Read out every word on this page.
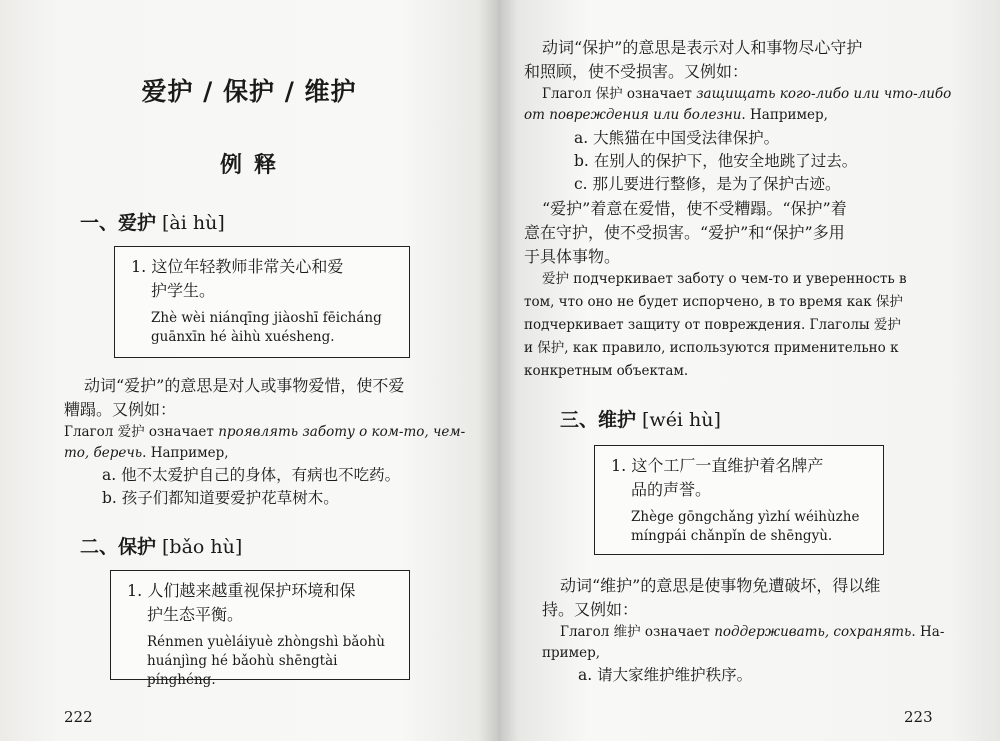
爱护 / 保护 / 维护
例释
一、爱护 [ài hù]
1. 这位年轻教师非常关心和爱
护学生。
Zhè wèi niánqīng jiàoshī fēicháng
guānxīn hé àihù xuésheng.
动词“爱护”的意思是对人或事物爱惜，使不爱
糟蹋。又例如：
Глагол 爱护 означает проявлять заботу о ком-то, чем-
то, беречь. Например,
a. 他不太爱护自己的身体，有病也不吃药。
b. 孩子们都知道要爱护花草树木。
二、保护 [bǎo hù]
1. 人们越来越重视保护环境和保
护生态平衡。
Rénmen yuèláiyuè zhòngshì bǎohù
huánjìng hé bǎohù shēngtài pínghéng.
222
动词“保护”的意思是表示对人和事物尽心守护
和照顾，使不受损害。又例如：
Глагол 保护 означает защищать кого-либо или что-либо
от повреждения или болезни. Например,
a. 大熊猫在中国受法律保护。
b. 在别人的保护下，他安全地跳了过去。
c. 那儿要进行整修，是为了保护古迹。
“爱护”着意在爱惜，使不受糟蹋。“保护”着
意在守护，使不受损害。“爱护”和“保护”多用
于具体事物。
爱护 подчеркивает заботу о чем-то и уверенность в
том, что оно не будет испорчено, в то время как 保护
подчеркивает защиту от повреждения. Глаголы 爱护
и 保护, как правило, используются применительно к
конкретным объектам.
三、维护 [wéi hù]
1. 这个工厂一直维护着名牌产
品的声誉。
Zhège gōngchǎng yìzhí wéihùzhe
míngpái chǎnpǐn de shēngyù.
动词“维护”的意思是使事物免遭破坏，得以维
持。又例如：
Глагол 维护 означает поддерживать, сохранять. На-
пример,
a. 请大家维护维护秩序。
223
